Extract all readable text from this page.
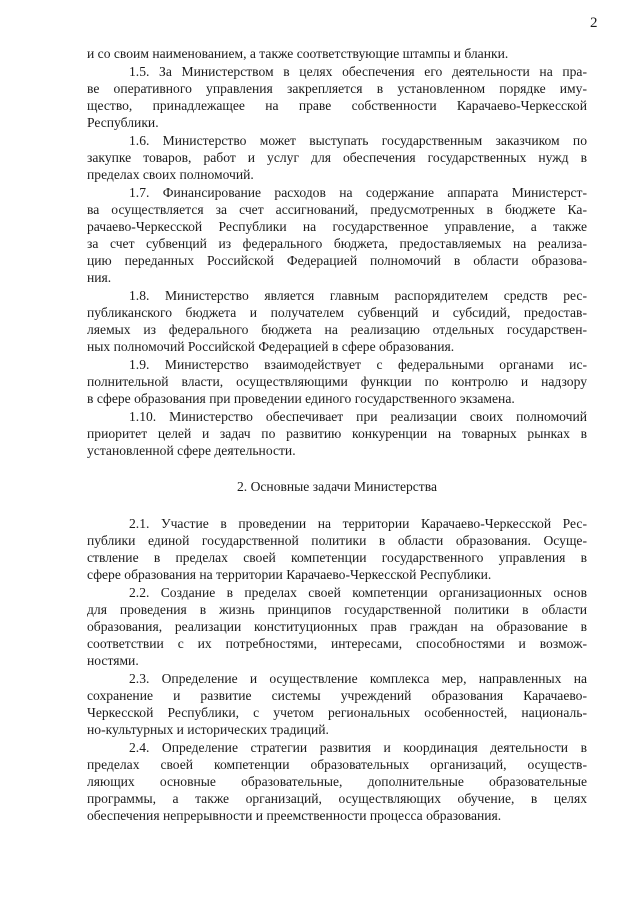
2
и со своим наименованием, а также соответствующие штампы и бланки.
1.5. За Министерством в целях обеспечения его деятельности на пра-
ве оперативного управления закрепляется в установленном порядке иму-
щество, принадлежащее на праве собственности Карачаево-Черкесской
Республики.
1.6. Министерство может выступать государственным заказчиком по
закупке товаров, работ и услуг для обеспечения государственных нужд в
пределах своих полномочий.
1.7. Финансирование расходов на содержание аппарата Министерст-
ва осуществляется за счет ассигнований, предусмотренных в бюджете Ка-
рачаево-Черкесской Республики на государственное управление, а также
за счет субвенций из федерального бюджета, предоставляемых на реализа-
цию переданных Российской Федерацией полномочий в области образова-
ния.
1.8. Министерство является главным распорядителем средств рес-
публиканского бюджета и получателем субвенций и субсидий, предостав-
ляемых из федерального бюджета на реализацию отдельных государствен-
ных полномочий Российской Федерацией в сфере образования.
1.9. Министерство взаимодействует с федеральными органами ис-
полнительной власти, осуществляющими функции по контролю и надзору
в сфере образования при проведении единого государственного экзамена.
1.10. Министерство обеспечивает при реализации своих полномочий
приоритет целей и задач по развитию конкуренции на товарных рынках в
установленной сфере деятельности.
2. Основные задачи Министерства
2.1. Участие в проведении на территории Карачаево-Черкесской Рес-
публики единой государственной политики в области образования. Осуще-
ствление в пределах своей компетенции государственного управления в
сфере образования на территории Карачаево-Черкесской Республики.
2.2. Создание в пределах своей компетенции организационных основ
для проведения в жизнь принципов государственной политики в области
образования, реализации конституционных прав граждан на образование в
соответствии с их потребностями, интересами, способностями и возмож-
ностями.
2.3. Определение и осуществление комплекса мер, направленных на
сохранение и развитие системы учреждений образования Карачаево-
Черкесской Республики, с учетом региональных особенностей, националь-
но-культурных и исторических традиций.
2.4. Определение стратегии развития и координация деятельности в
пределах своей компетенции образовательных организаций, осуществ-
ляющих основные образовательные, дополнительные образовательные
программы, а также организаций, осуществляющих обучение, в целях
обеспечения непрерывности и преемственности процесса образования.
